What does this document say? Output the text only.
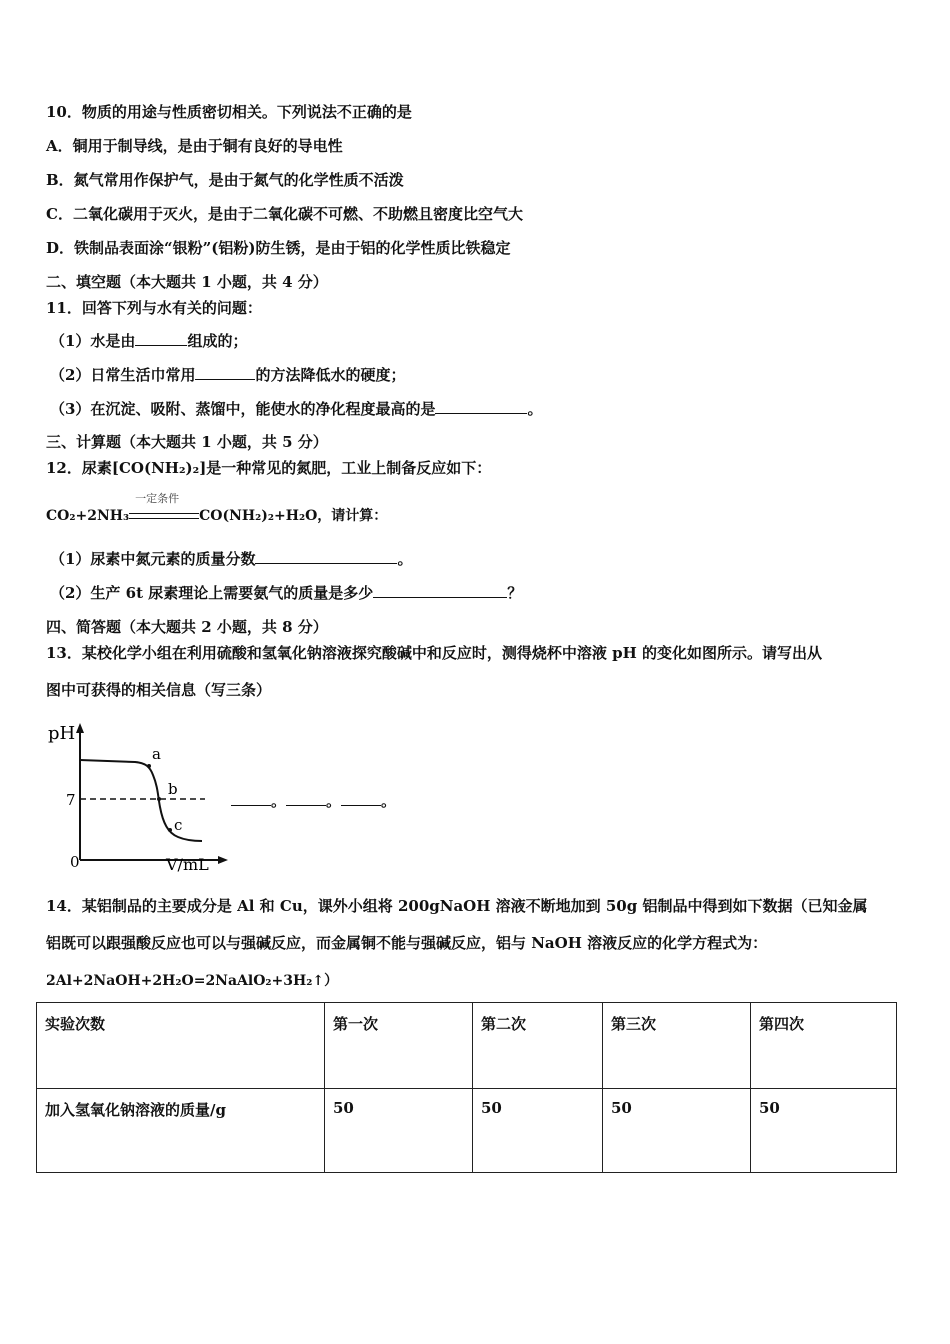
10．物质的用途与性质密切相关。下列说法不正确的是
A．铜用于制导线，是由于铜有良好的导电性
B．氮气常用作保护气，是由于氮气的化学性质不活泼
C．二氧化碳用于灭火，是由于二氧化碳不可燃、不助燃且密度比空气大
D．铁制品表面涂“银粉”(铝粉)防生锈，是由于铝的化学性质比铁稳定
二、填空题（本大题共 1 小题，共 4 分）
11．回答下列与水有关的问题：
（1）水是由	组成的；
（2）日常生活巾常用	的方法降低水的硬度；
（3）在沉淀、吸附、蒸馏中，能使水的净化程度最高的是	。
三、计算题（本大题共 1 小题，共 5 分）
12．尿素[CO(NH₂)₂]是一种常见的氮肥，工业上制备反应如下：
CO₂+2NH₃
一定条件
CO(NH₂)₂+H₂O，请计算：
（1）尿素中氮元素的质量分数	。
（2）生产 6t 尿素理论上需要氨气的质量是多少	？
四、简答题（本大题共 2 小题，共 8 分）
13．某校化学小组在利用硫酸和氢氧化钠溶液探究酸碱中和反应时，测得烧杯中溶液 pH 的变化如图所示。请写出从
图中可获得的相关信息（写三条）
pH
V/mL
0
7
a
b
c
。	。	。
14．某铝制品的主要成分是 Al 和 Cu，课外小组将 200gNaOH 溶液不断地加到 50g 铝制品中得到如下数据（已知金属
铝既可以跟强酸反应也可以与强碱反应，而金属铜不能与强碱反应，铝与 NaOH 溶液反应的化学方程式为：
2Al+2NaOH+2H₂O=2NaAlO₂+3H₂↑）
实验次数	第一次	第二次	第三次	第四次
加入氢氧化钠溶液的质量/g	50	50	50	50
